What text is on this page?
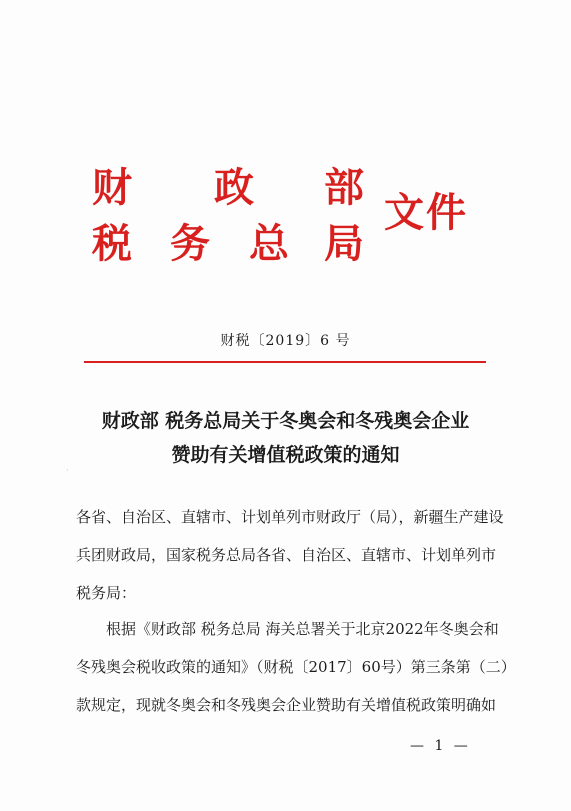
财 政 部
税 务 总 局
文件
财税〔2019〕6 号
财政部 税务总局关于冬奥会和冬残奥会企业
赞助有关增值税政策的通知
·
各省、自治区、直辖市、计划单列市财政厅（局），新疆生产建设
兵团财政局，国家税务总局各省、自治区、直辖市、计划单列市
税务局：
根据《财政部 税务总局 海关总署关于北京2022年冬奥会和
冬残奥会税收政策的通知》（财税〔2017〕60号）第三条第（二）
款规定，现就冬奥会和冬残奥会企业赞助有关增值税政策明确如
— 1 —
